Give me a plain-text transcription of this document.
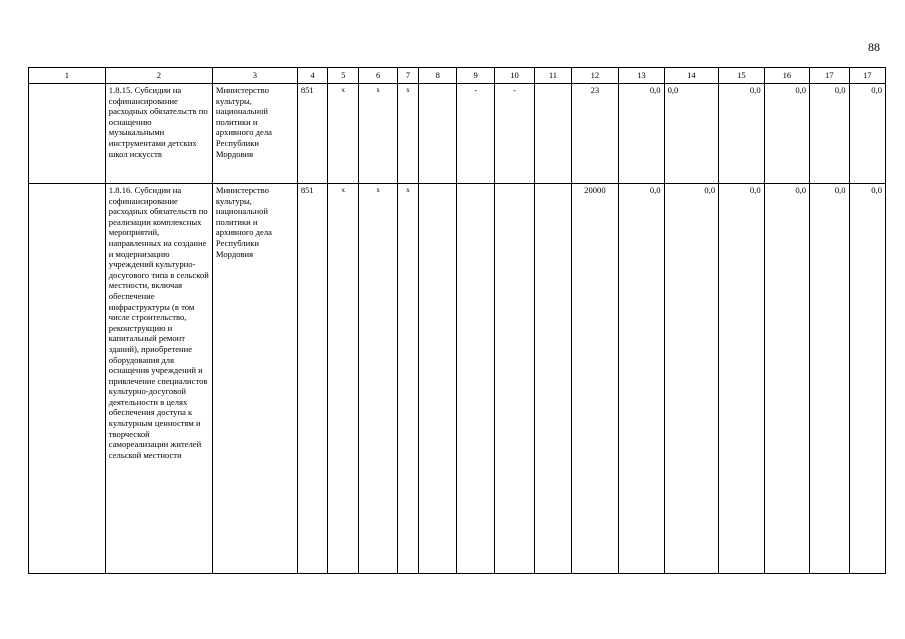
88
1	2	3	4	5	6	7	8	9	10	11	12	13	14	15	16	17	17
	1.8.15. Субсидии на софинансирование расходных обязательств по оснащению музыкальными инструментами детских школ искусств	Министерство культуры, национальной политики и архивного дела Республики Мордовия	851	x	x	x		-	-		23	0,0	0,0	0,0	0,0	0,0	0,0
	1.8.16. Субсидии на софинансирование расходных обязательств по реализации комплексных мероприятий, направленных на создание и модернизацию учреждений культурно-досугового типа в сельской местности, включая обеспечение инфраструктуры (в том числе строительство, реконструкцию и капитальный ремонт зданий), приобретение оборудования для оснащения учреждений и привлечение специалистов культурно-досуговой деятельности в целях обеспечения доступа к культурным ценностям и творческой самореализации жителей сельской местности	Министерство культуры, национальной политики и архивного дела Республики Мордовия	851	x	x	x					20000	0,0	0,0	0,0	0,0	0,0	0,0
